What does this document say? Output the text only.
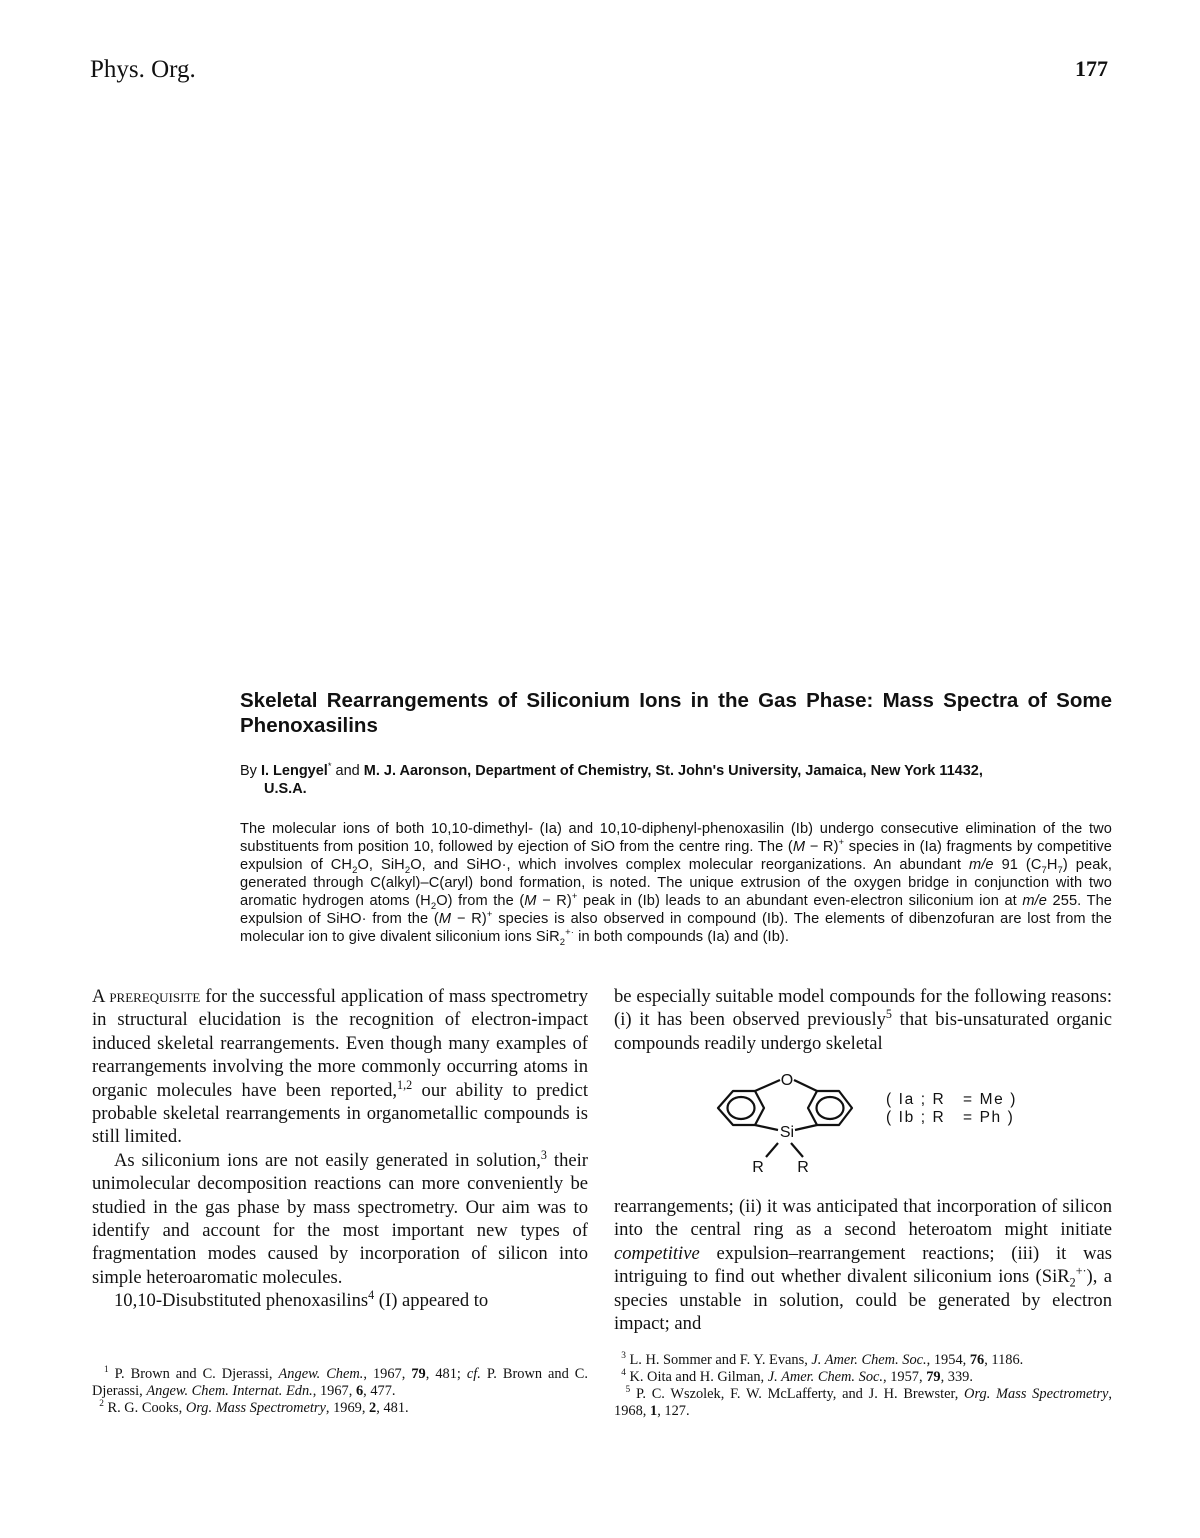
Phys. Org.	177
Skeletal Rearrangements of Siliconium Ions in the Gas Phase: Mass Spectra of Some Phenoxasilins
By I. Lengyel* and M. J. Aaronson, Department of Chemistry, St. John's University, Jamaica, New York 11432,
U.S.A.
The molecular ions of both 10,10-dimethyl- (Ia) and 10,10-diphenyl-phenoxasilin (Ib) undergo consecutive elimination of the two substituents from position 10, followed by ejection of SiO from the centre ring. The (M − R)+ species in (Ia) fragments by competitive expulsion of $CH_2O$, SiH$_2$O, and SiHO·, which involves complex molecular reorganizations. An abundant m/e 91 $(C_7H_7)$ peak, generated through C(alkyl)–C(aryl) bond formation, is noted. The unique extrusion of the oxygen bridge in conjunction with two aromatic hydrogen atoms $(H_2O)$ from the (M − R)+ peak in (Ib) leads to an abundant even-electron siliconium ion at m/e 255. The expulsion of SiHO· from the (M − R)+ species is also observed in compound (Ib). The elements of dibenzofuran are lost from the molecular ion to give divalent siliconium ions SiR$_2$+· in both compounds (Ia) and (Ib).

A prerequisite for the successful application of mass spectrometry in structural elucidation is the recognition of electron-impact induced skeletal rearrangements. Even though many examples of rearrangements involving the more commonly occurring atoms in organic molecules have been reported,$^{1,2}$ our ability to predict probable skeletal rearrangements in organometallic compounds is still limited.

As siliconium ions are not easily generated in solution,$^3$ their unimolecular decomposition reactions can more conveniently be studied in the gas phase by mass spectrometry. Our aim was to identify and account for the most important new types of fragmentation modes caused by incorporation of silicon into simple heteroaromatic molecules.

10,10-Disubstituted phenoxasilins$^4$ (I) appeared to

be especially suitable model compounds for the following reasons: (i) it has been observed previously$^5$ that bis-unsaturated organic compounds readily undergo skeletal

O
Si
R R
( Ia ; R   = Me )
( Ib ; R   = Ph )

rearrangements; (ii) it was anticipated that incorporation of silicon into the central ring as a second heteroatom might initiate competitive expulsion–rearrangement reactions; (iii) it was intriguing to find out whether divalent siliconium ions (SiR$_2$+·), a species unstable in solution, could be generated by electron impact; and

$^1$ P. Brown and C. Djerassi, Angew. Chem., 1967, 79, 481; cf. P. Brown and C. Djerassi, Angew. Chem. Internat. Edn., 1967, 6, 477.

$^2$ R. G. Cooks, Org. Mass Spectrometry, 1969, 2, 481.

$^3$ L. H. Sommer and F. Y. Evans, J. Amer. Chem. Soc., 1954, 76, 1186.

$^4$ K. Oita and H. Gilman, J. Amer. Chem. Soc., 1957, 79, 339.

$^5$ P. C. Wszolek, F. W. McLafferty, and J. H. Brewster, Org. Mass Spectrometry, 1968, 1, 127.
